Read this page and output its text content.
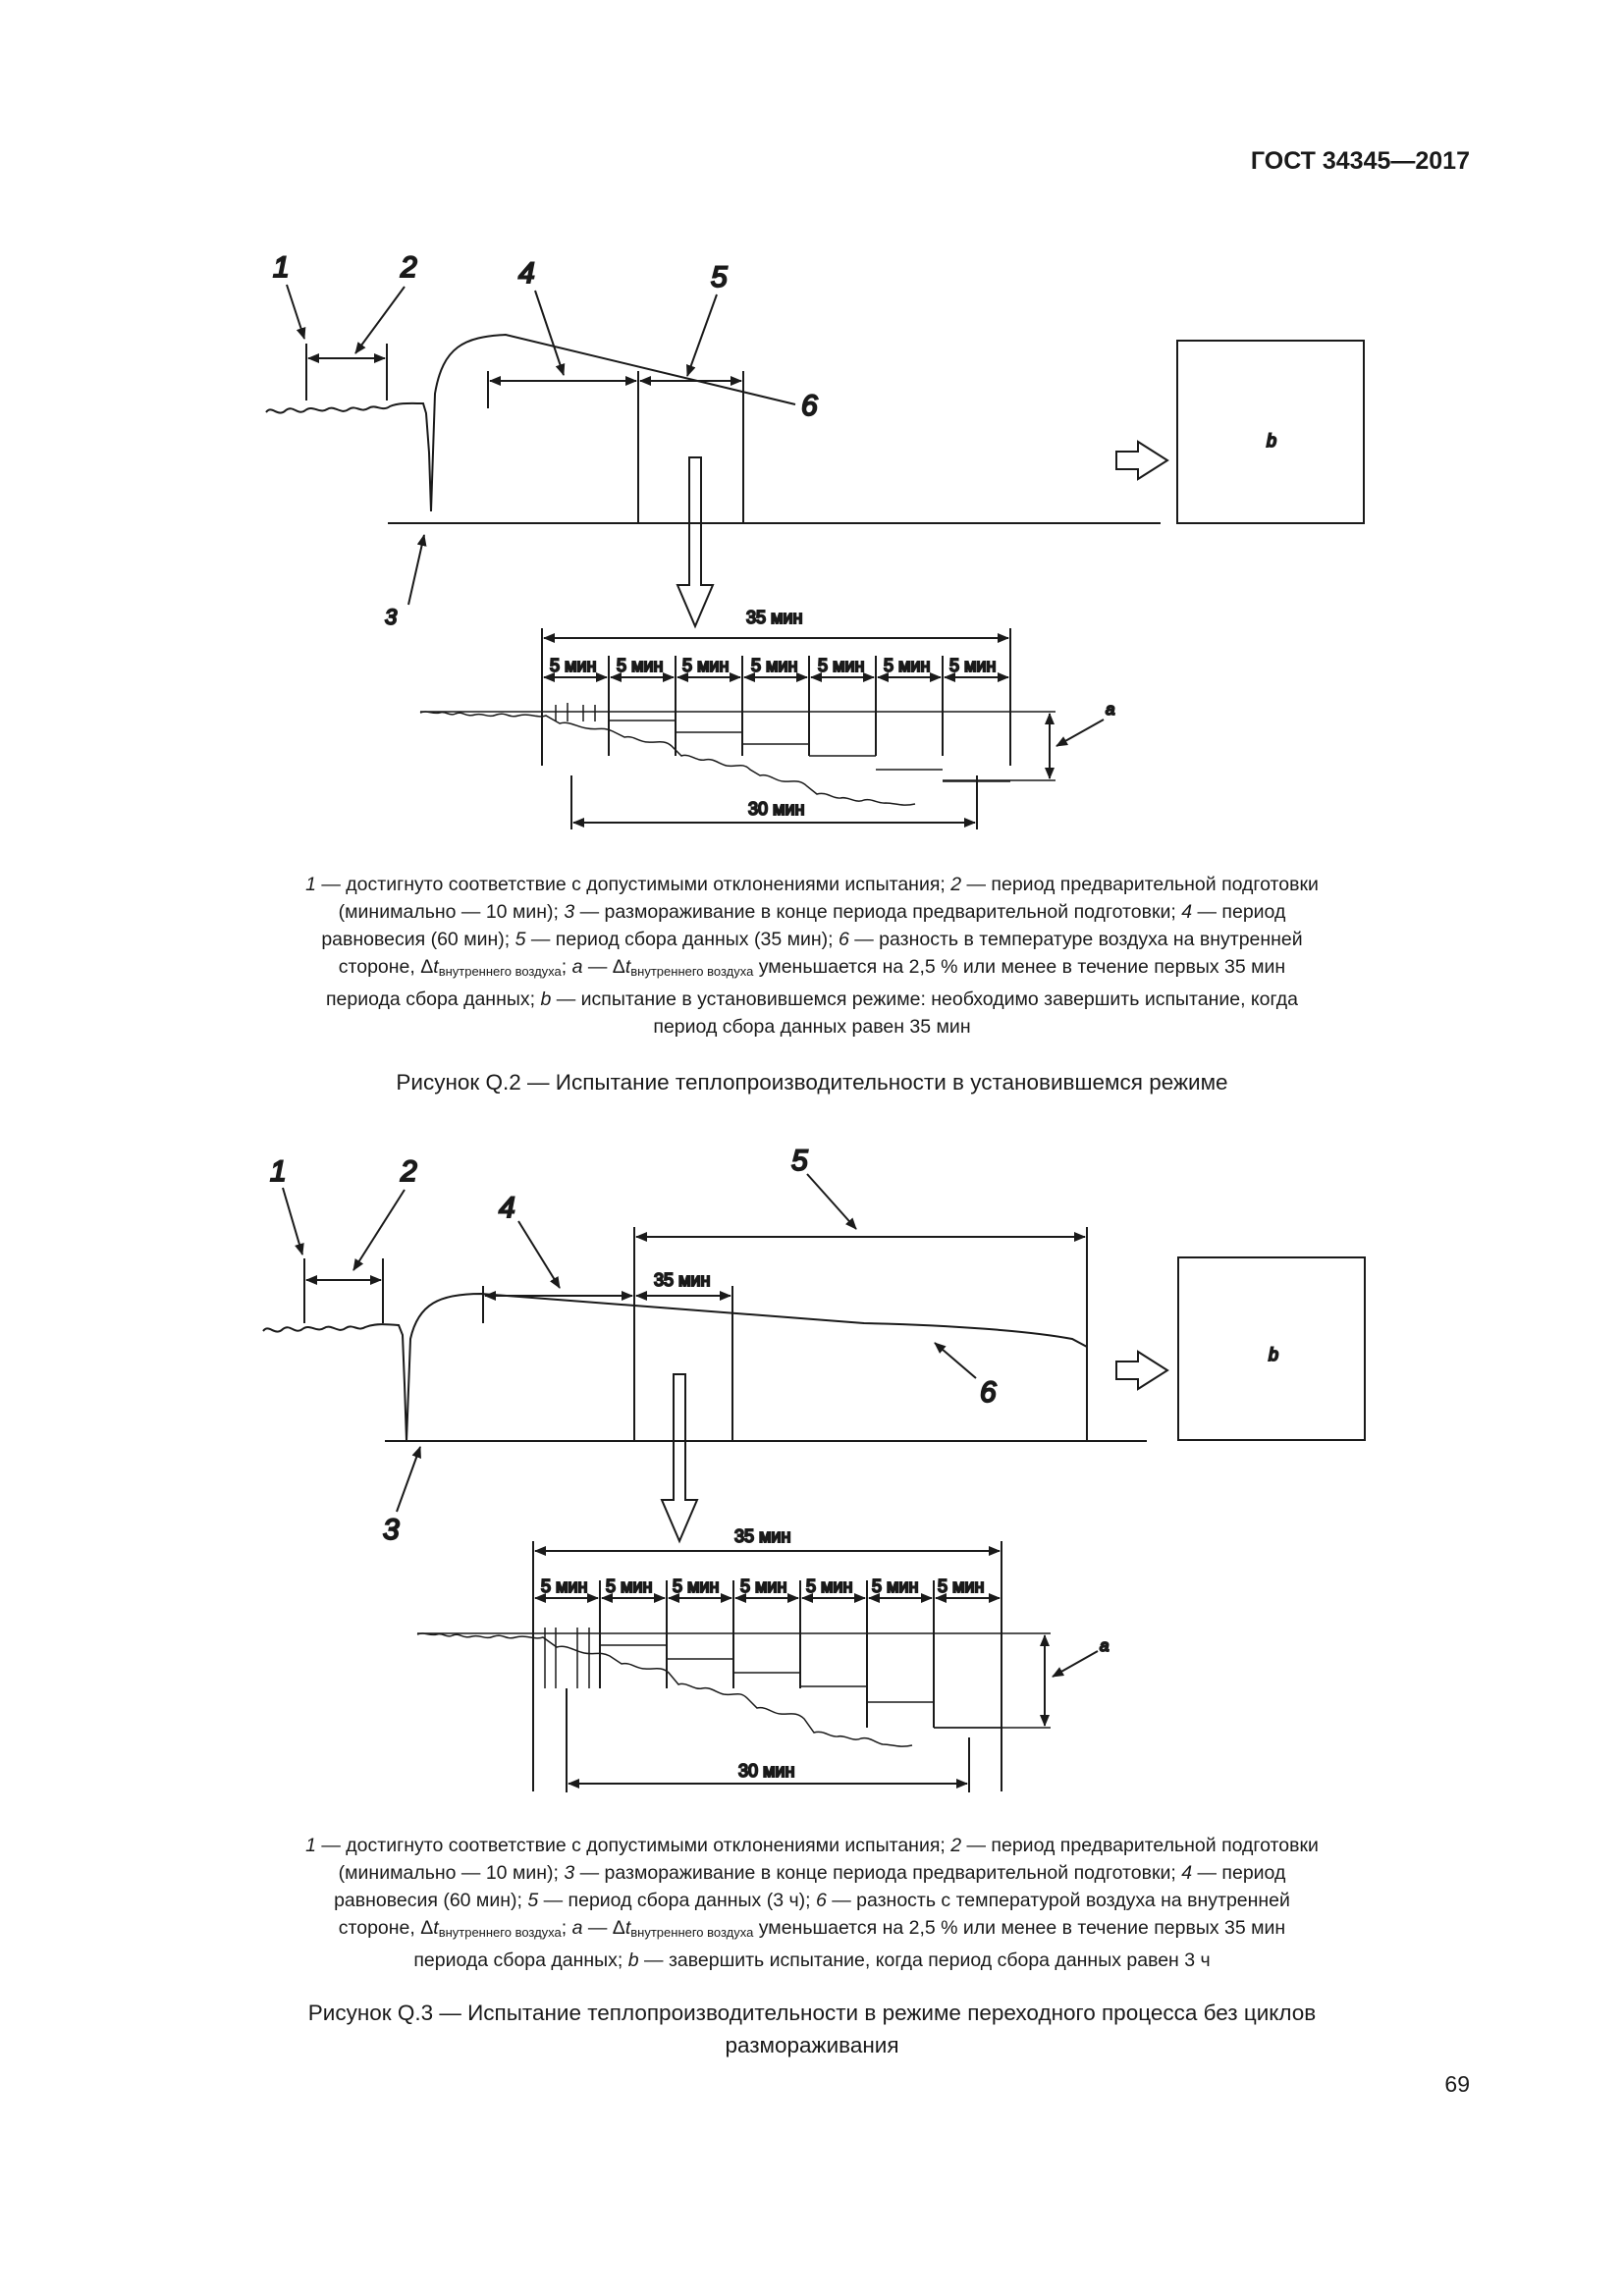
ГОСТ 34345—2017
1	2	4	5
6
3
b
35 мин
5 мин 5 мин 5 мин 5 мин 5 мин 5 мин 5 мин
a
30 мин
1 — достигнуто соответствие с допустимыми отклонениями испытания; 2 — период предварительной подготовки
(минимально — 10 мин); 3 — размораживание в конце периода предварительной подготовки; 4 — период
равновесия (60 мин); 5 — период сбора данных (35 мин); 6 — разность в температуре воздуха на внутренней
стороне, $\Delta t_{внутреннего воздуха}$; a — $\Delta t_{внутреннего воздуха}$ уменьшается на 2,5 % или менее в течение первых 35 мин
периода сбора данных; b — испытание в установившемся режиме: необходимо завершить испытание, когда
период сбора данных равен 35 мин
Рисунок Q.2 — Испытание теплопроизводительности в установившемся режиме
1	2
4
5
6
3
35 мин
b
35 мин
5 мин 5 мин 5 мин 5 мин 5 мин 5 мин 5 мин
a
30 мин
1 — достигнуто соответствие с допустимыми отклонениями испытания; 2 — период предварительной подготовки
(минимально — 10 мин); 3 — размораживание в конце периода предварительной подготовки; 4 — период
равновесия (60 мин); 5 — период сбора данных (3 ч); 6 — разность с температурой воздуха на внутренней
стороне, $\Delta t_{внутреннего воздуха}$; a — $\Delta t_{внутреннего воздуха}$ уменьшается на 2,5 % или менее в течение первых 35 мин
периода сбора данных; b — завершить испытание, когда период сбора данных равен 3 ч
Рисунок Q.3 — Испытание теплопроизводительности в режиме переходного процесса без циклов
размораживания
69
